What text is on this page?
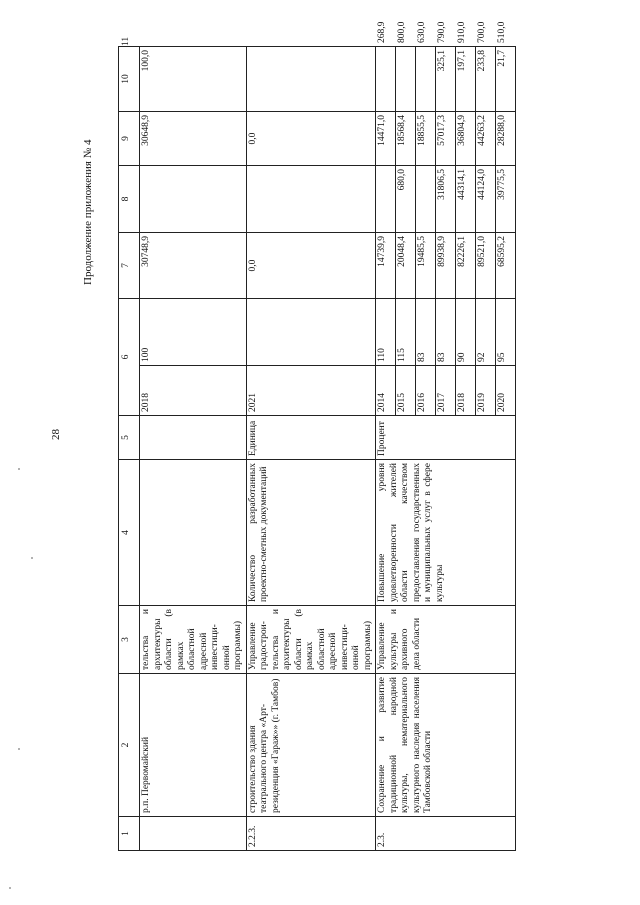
28
Продолжение приложения № 4
1	2	3	4	5	6		7	8	9	10	11
	р.п. Первомайский	тельства и архитектуры области (в рамках областной адресной инвестици-онной программы)			2018	100	30748,9		30648,9	100,0	
2.2.3.	строительство здания театрального центра «Арт-резиденция «Гараж»» (г. Тамбов)	Управление градострои-тельства и архитектуры области (в рамках областной адресной инвестици-онной программы)	Количество разработанных проектно-сметных документаций	Единица	2021		0,0		0,0		
2.3.	Сохранение и развитие традиционной народной культуры, нематериального культурного наследия населения Тамбовской области	Управление культуры и архивного дела области	Повышение уровня удовлетворенности жителей области качеством предоставления государственных и муниципальных услуг в сфере культуры	Процент	2014	110	14739,9		14471,0		268,9
					2015	115	20048,4	680,0	18568,4		800,0
					2016	83	19485,5		18855,5		630,0
					2017	83	89938,9	31806,5	57017,3	325,1	790,0
					2018	90	82226,1	44314,1	36804,9	197,1	910,0
					2019	92	89521,0	44124,0	44263,2	233,8	700,0
					2020	95	68595,2	39775,5	28288,0	21,7	510,0
